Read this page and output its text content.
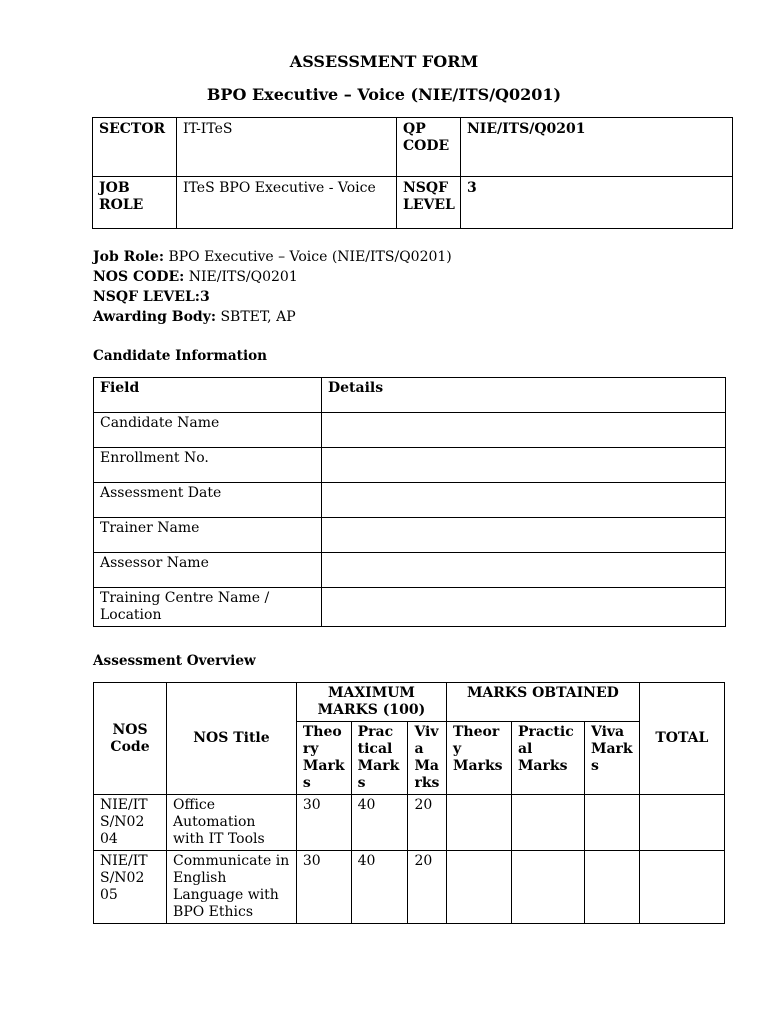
ASSESSMENT FORM
BPO Executive – Voice (NIE/ITS/Q0201)
SECTOR	IT-ITeS	QP CODE	NIE/ITS/Q0201
JOB ROLE	ITeS BPO Executive - Voice	NSQF LEVEL	3
Job Role: BPO Executive – Voice (NIE/ITS/Q0201)
NOS CODE: NIE/ITS/Q0201
NSQF LEVEL:3
Awarding Body: SBTET, AP
Candidate Information
Field	Details
Candidate Name	
Enrollment No.	
Assessment Date	
Trainer Name	
Assessor Name	
Training Centre Name / Location	
Assessment Overview
NOS Code	NOS Title	MAXIMUM MARKS (100)			MARKS OBTAINED			TOTAL
		Theo ry Mark s	Prac tical Mark s	Viv a Ma rks	Theor y Marks	Practic al Marks	Viva Mark s	
NIE/IT S/N02 04	Office Automation with IT Tools	30	40	20				
NIE/IT S/N02 05	Communicate in English Language with BPO Ethics	30	40	20				
